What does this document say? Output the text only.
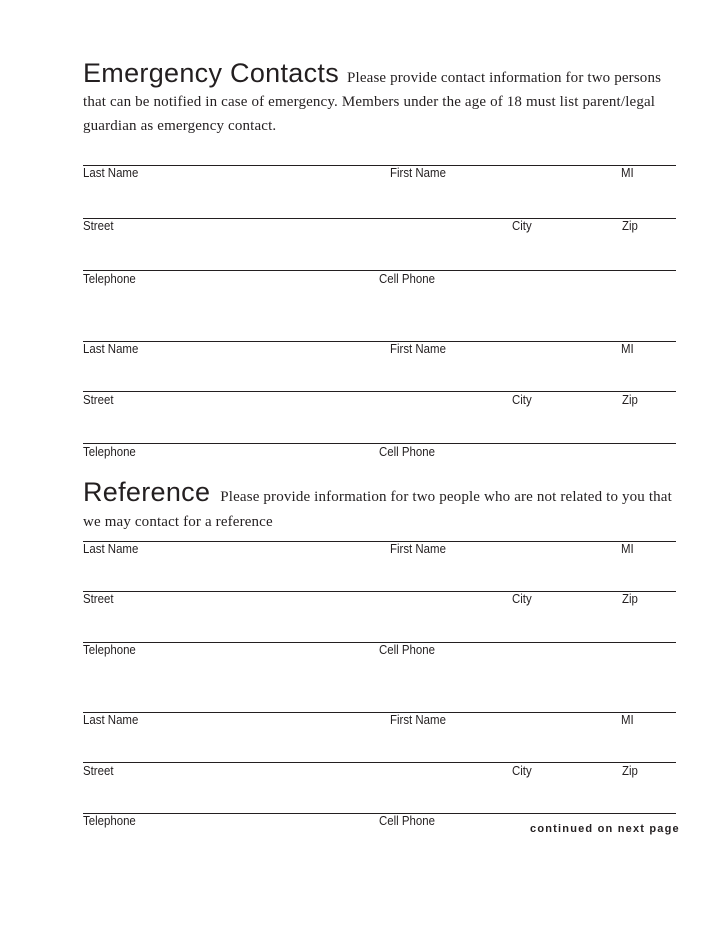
Emergency Contacts Please provide contact information for two persons that can be notified in case of emergency. Members under the age of 18 must list parent/legal guardian as emergency contact.
Last Name	First Name	MI
Street	City	Zip
Telephone	Cell Phone
Last Name	First Name	MI
Street	City	Zip
Telephone	Cell Phone
Reference Please provide information for two people who are not related to you that we may contact for a reference
Last Name	First Name	MI
Street	City	Zip
Telephone	Cell Phone
Last Name	First Name	MI
Street	City	Zip
Telephone	Cell Phone
continued on next page
